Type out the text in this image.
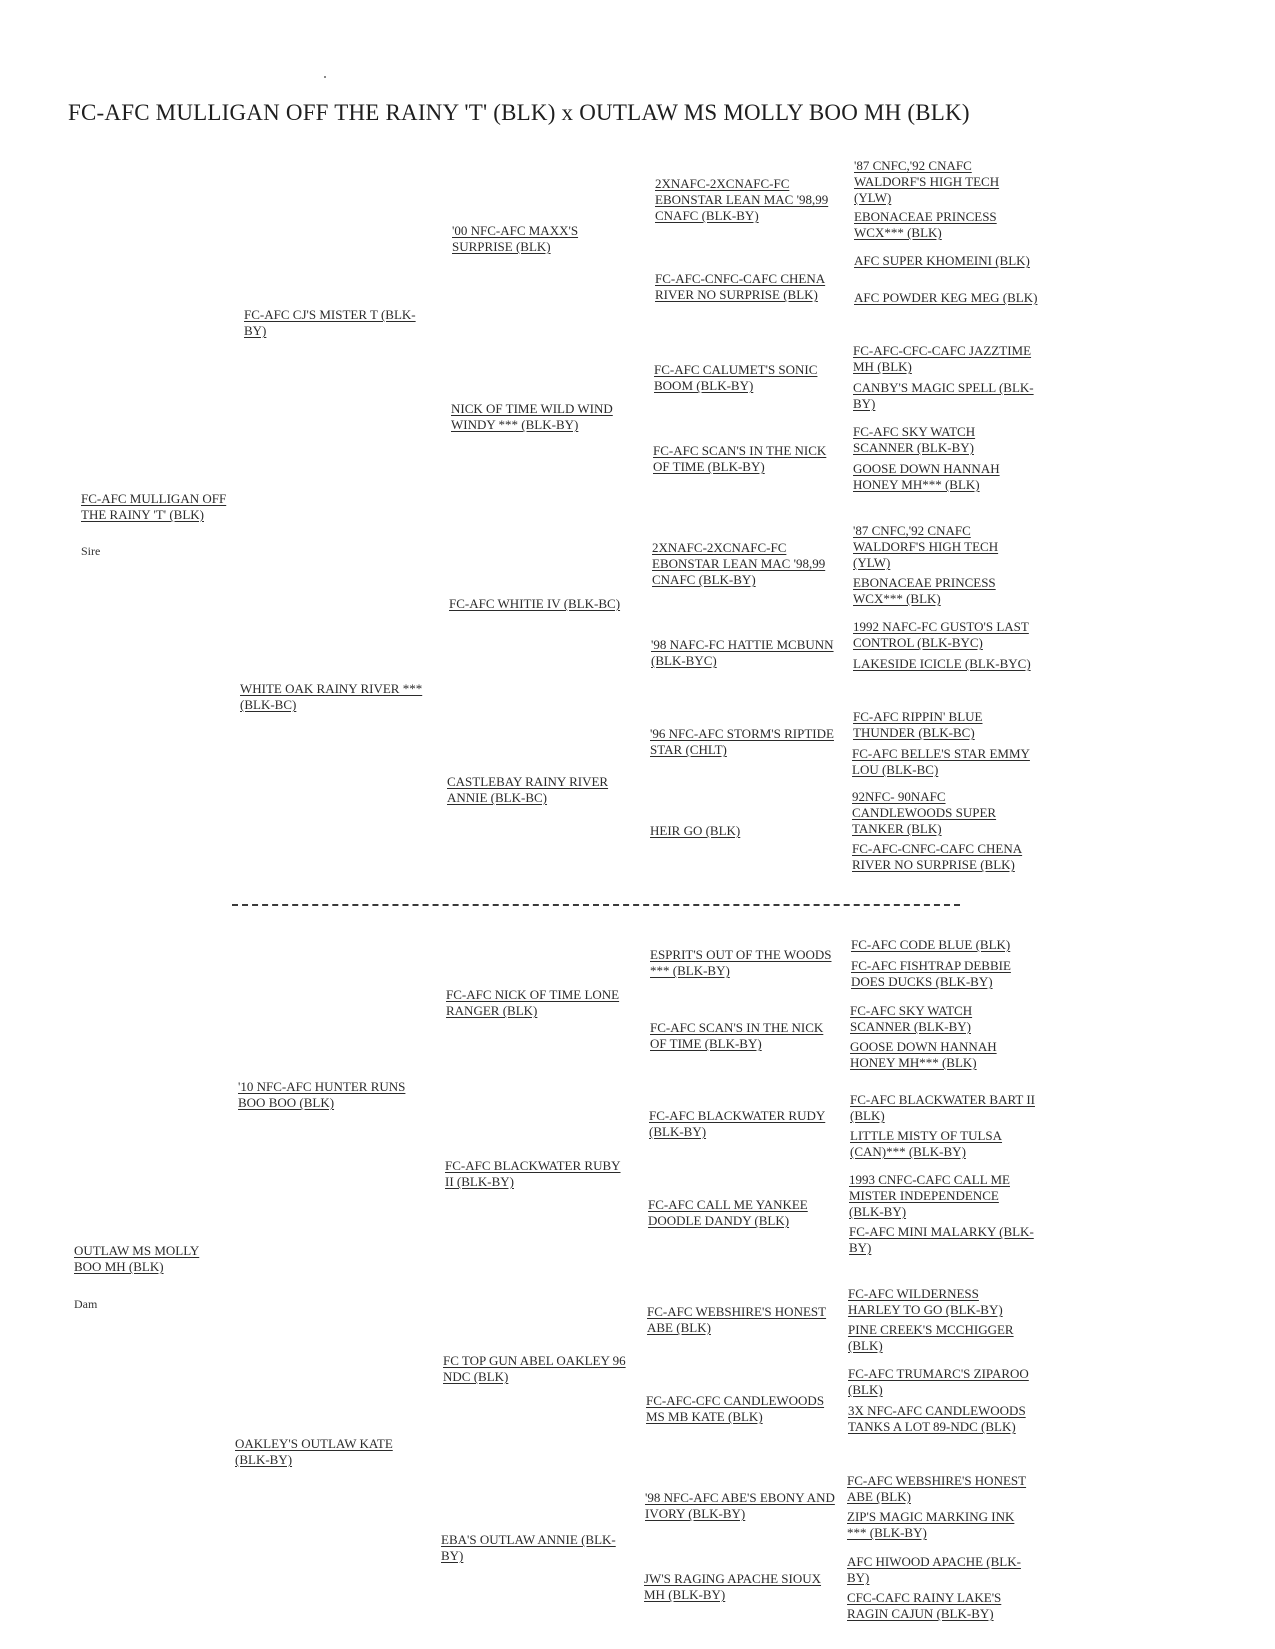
FC-AFC MULLIGAN OFF THE RAINY 'T' (BLK) x OUTLAW MS MOLLY BOO MH (BLK)
FC-AFC MULLIGAN OFF THE RAINY 'T' (BLK)
Sire
FC-AFC CJ'S MISTER T (BLK-BY)
WHITE OAK RAINY RIVER *** (BLK-BC)
'00 NFC-AFC MAXX'S SURPRISE (BLK)
NICK OF TIME WILD WIND WINDY *** (BLK-BY)
FC-AFC WHITIE IV (BLK-BC)
CASTLEBAY RAINY RIVER ANNIE (BLK-BC)
2XNAFC-2XCNAFC-FC EBONSTAR LEAN MAC '98,99 CNAFC (BLK-BY)
FC-AFC-CNFC-CAFC CHENA RIVER NO SURPRISE (BLK)
FC-AFC CALUMET'S SONIC BOOM (BLK-BY)
FC-AFC SCAN'S IN THE NICK OF TIME (BLK-BY)
2XNAFC-2XCNAFC-FC EBONSTAR LEAN MAC '98,99 CNAFC (BLK-BY)
'98 NAFC-FC HATTIE MCBUNN (BLK-BYC)
'96 NFC-AFC STORM'S RIPTIDE STAR (CHLT)
HEIR GO (BLK)
'87 CNFC,'92 CNAFC WALDORF'S HIGH TECH (YLW)
EBONACEAE PRINCESS WCX*** (BLK)
AFC SUPER KHOMEINI (BLK)
AFC POWDER KEG MEG (BLK)
FC-AFC-CFC-CAFC JAZZTIME MH (BLK)
CANBY'S MAGIC SPELL (BLK-BY)
FC-AFC SKY WATCH SCANNER (BLK-BY)
GOOSE DOWN HANNAH HONEY MH*** (BLK)
'87 CNFC,'92 CNAFC WALDORF'S HIGH TECH (YLW)
EBONACEAE PRINCESS WCX*** (BLK)
1992 NAFC-FC GUSTO'S LAST CONTROL (BLK-BYC)
LAKESIDE ICICLE (BLK-BYC)
FC-AFC RIPPIN' BLUE THUNDER (BLK-BC)
FC-AFC BELLE'S STAR EMMY LOU (BLK-BC)
92NFC- 90NAFC CANDLEWOODS SUPER TANKER (BLK)
FC-AFC-CNFC-CAFC CHENA RIVER NO SURPRISE (BLK)
OUTLAW MS MOLLY BOO MH (BLK)
Dam
'10 NFC-AFC HUNTER RUNS BOO BOO (BLK)
OAKLEY'S OUTLAW KATE (BLK-BY)
FC-AFC NICK OF TIME LONE RANGER (BLK)
FC-AFC BLACKWATER RUBY II (BLK-BY)
FC TOP GUN ABEL OAKLEY 96 NDC (BLK)
EBA'S OUTLAW ANNIE (BLK-BY)
ESPRIT'S OUT OF THE WOODS *** (BLK-BY)
FC-AFC SCAN'S IN THE NICK OF TIME (BLK-BY)
FC-AFC BLACKWATER RUDY (BLK-BY)
FC-AFC CALL ME YANKEE DOODLE DANDY (BLK)
FC-AFC WEBSHIRE'S HONEST ABE (BLK)
FC-AFC-CFC CANDLEWOODS MS MB KATE (BLK)
'98 NFC-AFC ABE'S EBONY AND IVORY (BLK-BY)
JW'S RAGING APACHE SIOUX MH (BLK-BY)
FC-AFC CODE BLUE (BLK)
FC-AFC FISHTRAP DEBBIE DOES DUCKS (BLK-BY)
FC-AFC SKY WATCH SCANNER (BLK-BY)
GOOSE DOWN HANNAH HONEY MH*** (BLK)
FC-AFC BLACKWATER BART II (BLK)
LITTLE MISTY OF TULSA (CAN)*** (BLK-BY)
1993 CNFC-CAFC CALL ME MISTER INDEPENDENCE (BLK-BY)
FC-AFC MINI MALARKY (BLK-BY)
FC-AFC WILDERNESS HARLEY TO GO (BLK-BY)
PINE CREEK'S MCCHIGGER (BLK)
FC-AFC TRUMARC'S ZIPAROO (BLK)
3X NFC-AFC CANDLEWOODS TANKS A LOT 89-NDC (BLK)
FC-AFC WEBSHIRE'S HONEST ABE (BLK)
ZIP'S MAGIC MARKING INK *** (BLK-BY)
AFC HIWOOD APACHE (BLK-BY)
CFC-CAFC RAINY LAKE'S RAGIN CAJUN (BLK-BY)
